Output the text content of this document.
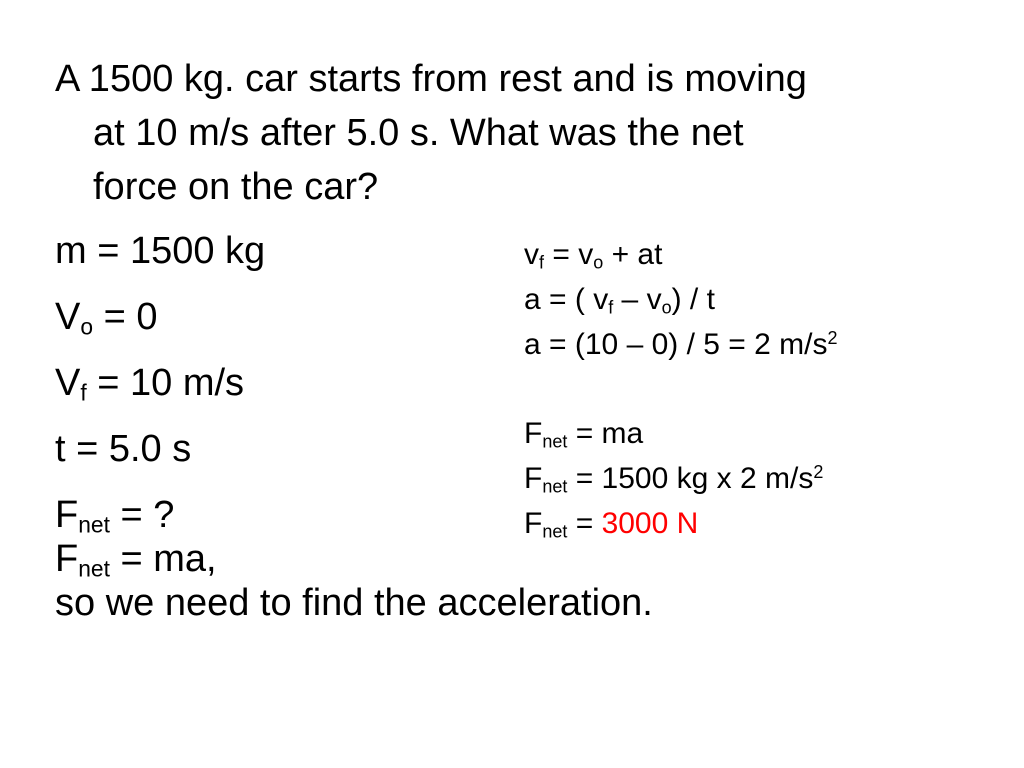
A 1500 kg. car starts from rest and is moving
at 10 m/s after 5.0 s. What was the net
force on the car?
m = 1500 kg
$V_o = 0$
$V_f = 10$ m/s
t = 5.0 s
$F_{net}$ = ?
$F_{net}$ = ma,
so we need to find the acceleration.
$v_f = v_o$ + at
a = ( $v_f - v_o$) / t
a = (10 – 0) / 5 = 2 $m/s^2$
$F_{net}$ = ma
$F_{net} = 1500$ kg x 2 $m/s^2$
$F_{net} = 3000$ N
